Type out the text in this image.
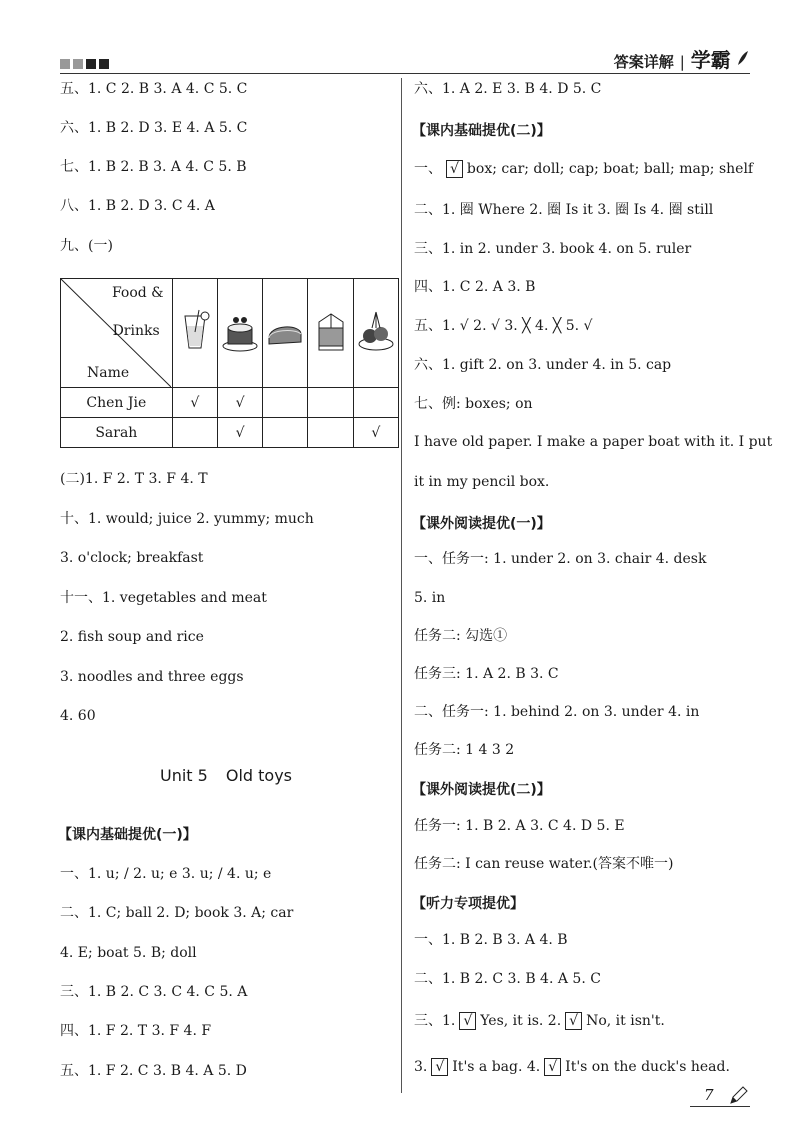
答案详解 | 学霸
五、1. C 2. B 3. A 4. C 5. C
六、1. B 2. D 3. E 4. A 5. C
七、1. B 2. B 3. A 4. C 5. B
八、1. B 2. D 3. C 4. A
九、(一)
Food &
Drinks
Name

Chen Jie	√	√			
Sarah		√			√
(二)1. F 2. T 3. F 4. T
十、1. would; juice 2. yummy; much
3. o'clock; breakfast
十一、1. vegetables and meat
2. fish soup and rice
3. noodles and three eggs
4. 60
Unit 5 Old toys
【课内基础提优(一)】
一、1. u; / 2. u; e 3. u; / 4. u; e
二、1. C; ball 2. D; book 3. A; car
4. E; boat 5. B; doll
三、1. B 2. C 3. C 4. C 5. A
四、1. F 2. T 3. F 4. F
五、1. F 2. C 3. B 4. A 5. D
六、1. A 2. E 3. B 4. D 5. C
【课内基础提优(二)】
一、 √ box; car; doll; cap; boat; ball; map; shelf
二、1. 圈 Where 2. 圈 Is it 3. 圈 Is 4. 圈 still
三、1. in 2. under 3. book 4. on 5. ruler
四、1. C 2. A 3. B
五、1. √ 2. √ 3. ╳ 4. ╳ 5. √
六、1. gift 2. on 3. under 4. in 5. cap
七、例: boxes; on
I have old paper. I make a paper boat with it. I put
it in my pencil box.
【课外阅读提优(一)】
一、任务一: 1. under 2. on 3. chair 4. desk
5. in
任务二: 勾选①
任务三: 1. A 2. B 3. C
二、任务一: 1. behind 2. on 3. under 4. in
任务二: 1 4 3 2
【课外阅读提优(二)】
任务一: 1. B 2. A 3. C 4. D 5. E
任务二: I can reuse water.(答案不唯一)
【听力专项提优】
一、1. B 2. B 3. A 4. B
二、1. B 2. C 3. B 4. A 5. C
三、1. √ Yes, it is. 2. √ No, it isn't.
3. √ It's a bag. 4. √ It's on the duck's head.
7
